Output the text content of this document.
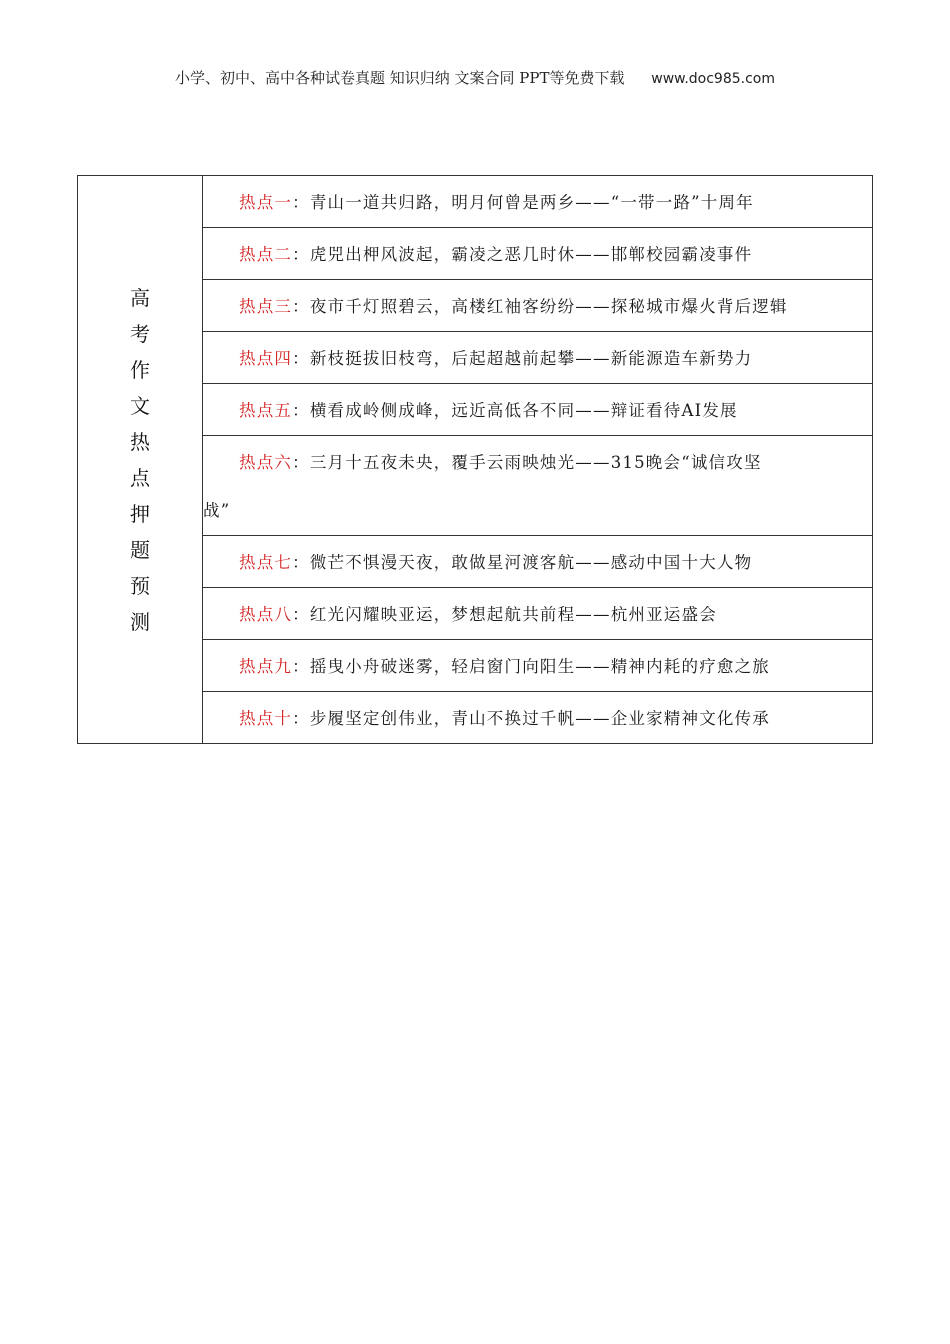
小学、初中、高中各种试卷真题 知识归纳 文案合同 PPT等免费下载 www.doc985.com
高考作文热点押题预测

热点一：青山一道共归路，明月何曾是两乡——“一带一路”十周年

热点二：虎兕出柙风波起，霸凌之恶几时休——邯郸校园霸凌事件

热点三：夜市千灯照碧云，高楼红袖客纷纷——探秘城市爆火背后逻辑

热点四：新枝挺拔旧枝弯，后起超越前起攀——新能源造车新势力

热点五：横看成岭侧成峰，远近高低各不同——辩证看待AI发展

热点六：三月十五夜未央，覆手云雨映烛光——315晚会“诚信攻坚
战”

热点七：微芒不惧漫天夜，敢做星河渡客航——感动中国十大人物

热点八：红光闪耀映亚运，梦想起航共前程——杭州亚运盛会

热点九：摇曳小舟破迷雾，轻启窗门向阳生——精神内耗的疗愈之旅

热点十：步履坚定创伟业，青山不换过千帆——企业家精神文化传承
